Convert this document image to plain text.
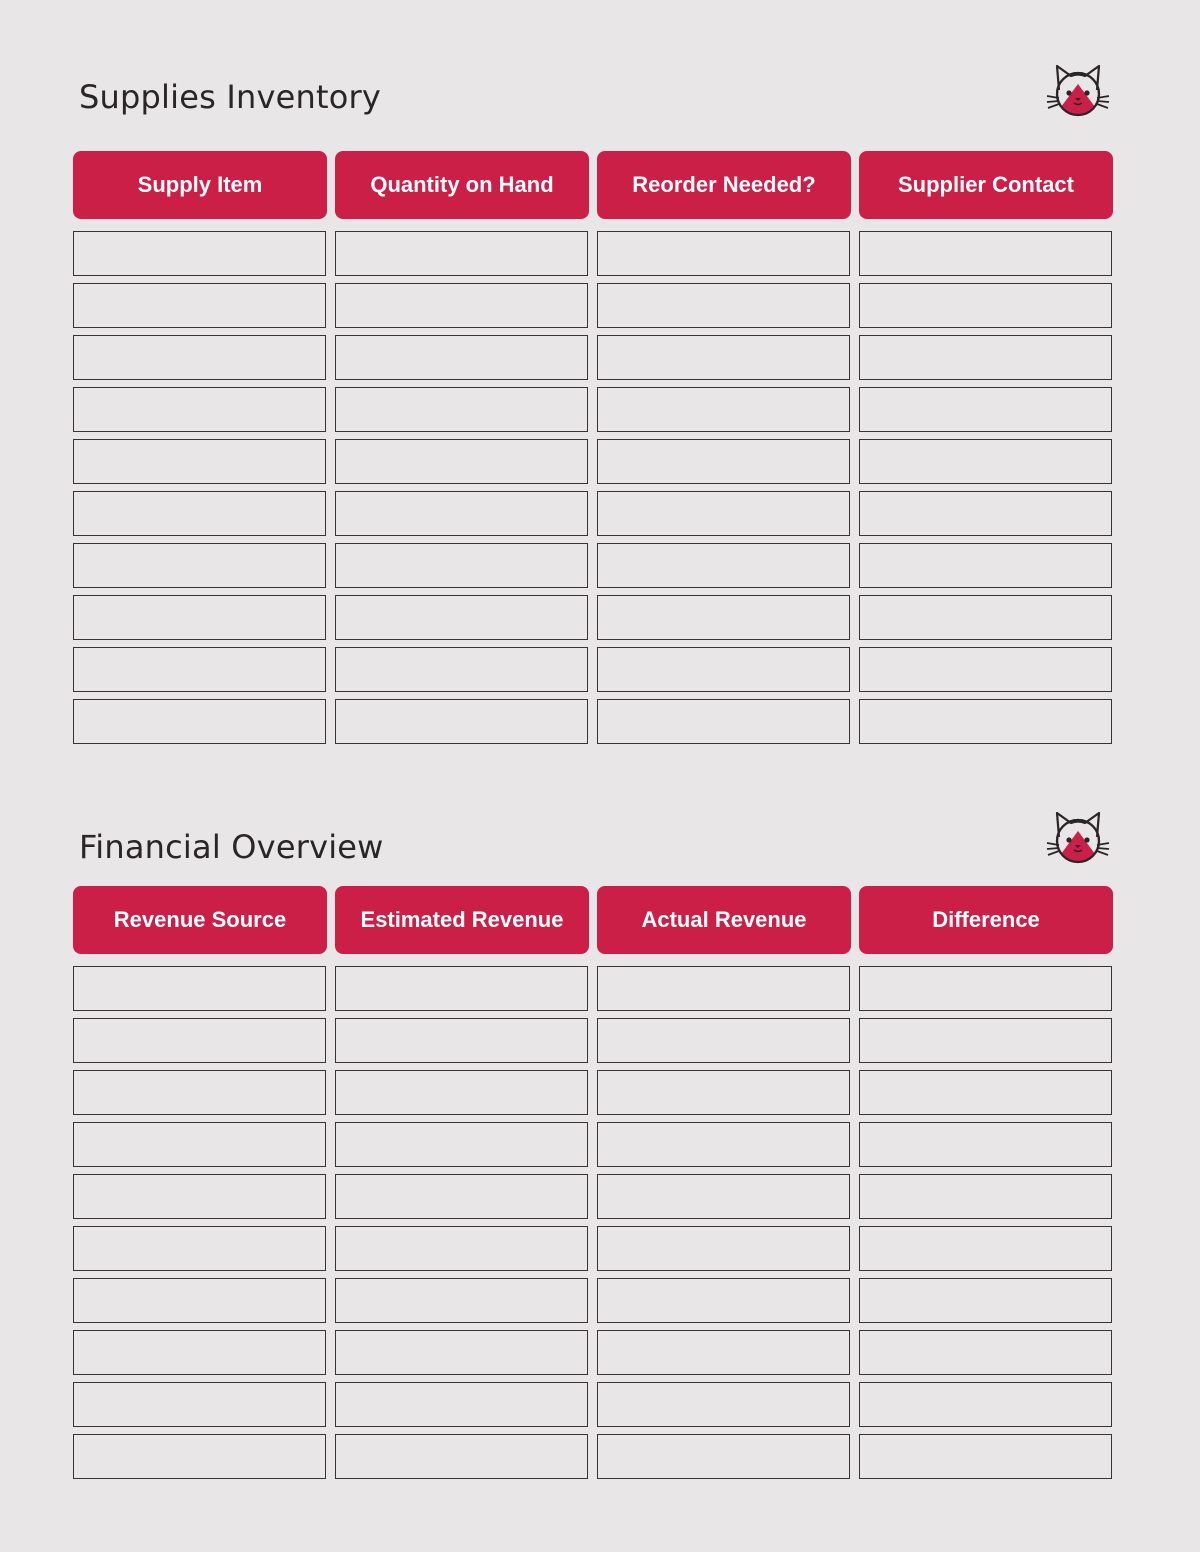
Supplies Inventory
Financial Overview
Supply Item	Quantity on Hand	Reorder Needed?	Supplier Contact
Revenue Source	Estimated Revenue	Actual Revenue	Difference
